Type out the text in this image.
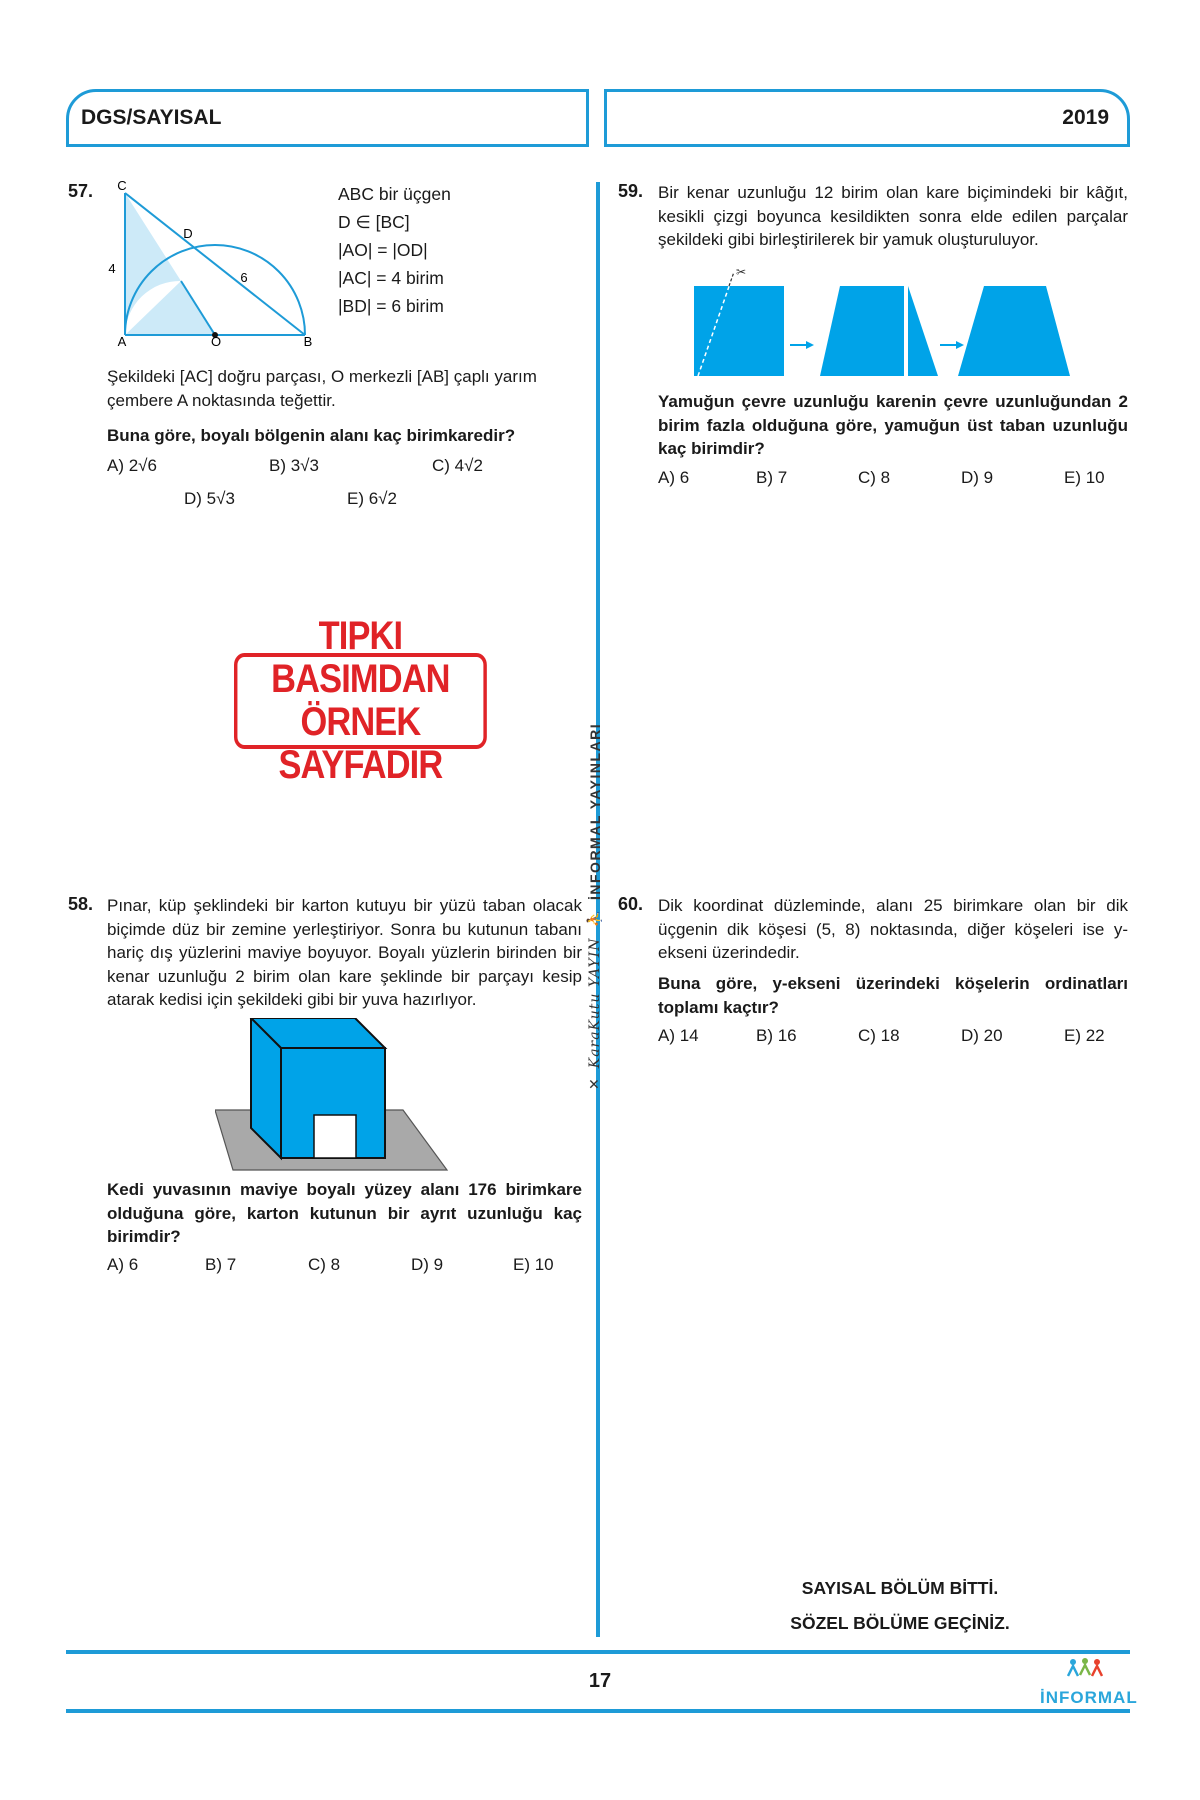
DGS/SAYISAL	2019
57. C
D
A	O	B
4
6
ABC bir üçgen
D ∈ [BC]
|AO| = |OD|
|AC| = 4 birim
|BD| = 6 birim
Şekildeki [AC] doğru parçası, O merkezli [AB] çaplı yarım çembere A noktasında teğettir.
Buna göre, boyalı bölgenin alanı kaç birimkaredir?
A) 2√6	B) 3√3	C) 4√2
D) 5√3	E) 6√2
TIPKI BASIMDAN
ÖRNEK SAYFADIR
58. Pınar, küp şeklindeki bir karton kutuyu bir yüzü taban olacak biçimde düz bir zemine yerleştiriyor. Sonra bu kutunun tabanı hariç dış yüzlerini maviye boyuyor. Boyalı yüzlerin birinden bir kenar uzunluğu 2 birim olan kare şeklinde bir parçayı kesip atarak kedisi için şekildeki gibi bir yuva hazırlıyor.
Kedi yuvasının maviye boyalı yüzey alanı 176 birimkare olduğuna göre, karton kutunun bir ayrıt uzunluğu kaç birimdir?
A) 6	B) 7	C) 8	D) 9	E) 10
✕
KaraKutu YAYIN
⛹
İNFORMAL YAYINLARI
59. Bir kenar uzunluğu 12 birim olan kare biçimindeki bir kâğıt, kesikli çizgi boyunca kesildikten sonra elde edilen parçalar şekildeki gibi birleştirilerek bir yamuk oluşturuluyor.
✂
Yamuğun çevre uzunluğu karenin çevre uzunluğundan 2 birim fazla olduğuna göre, yamuğun üst taban uzunluğu kaç birimdir?
A) 6	B) 7	C) 8	D) 9	E) 10
60. Dik koordinat düzleminde, alanı 25 birimkare olan bir dik üçgenin dik köşesi (5, 8) noktasında, diğer köşeleri ise y-ekseni üzerindedir.
Buna göre, y-ekseni üzerindeki köşelerin ordinatları toplamı kaçtır?
A) 14	B) 16	C) 18	D) 20	E) 22
SAYISAL BÖLÜM BİTTİ.
SÖZEL BÖLÜME GEÇİNİZ.
17
İNFORMAL
